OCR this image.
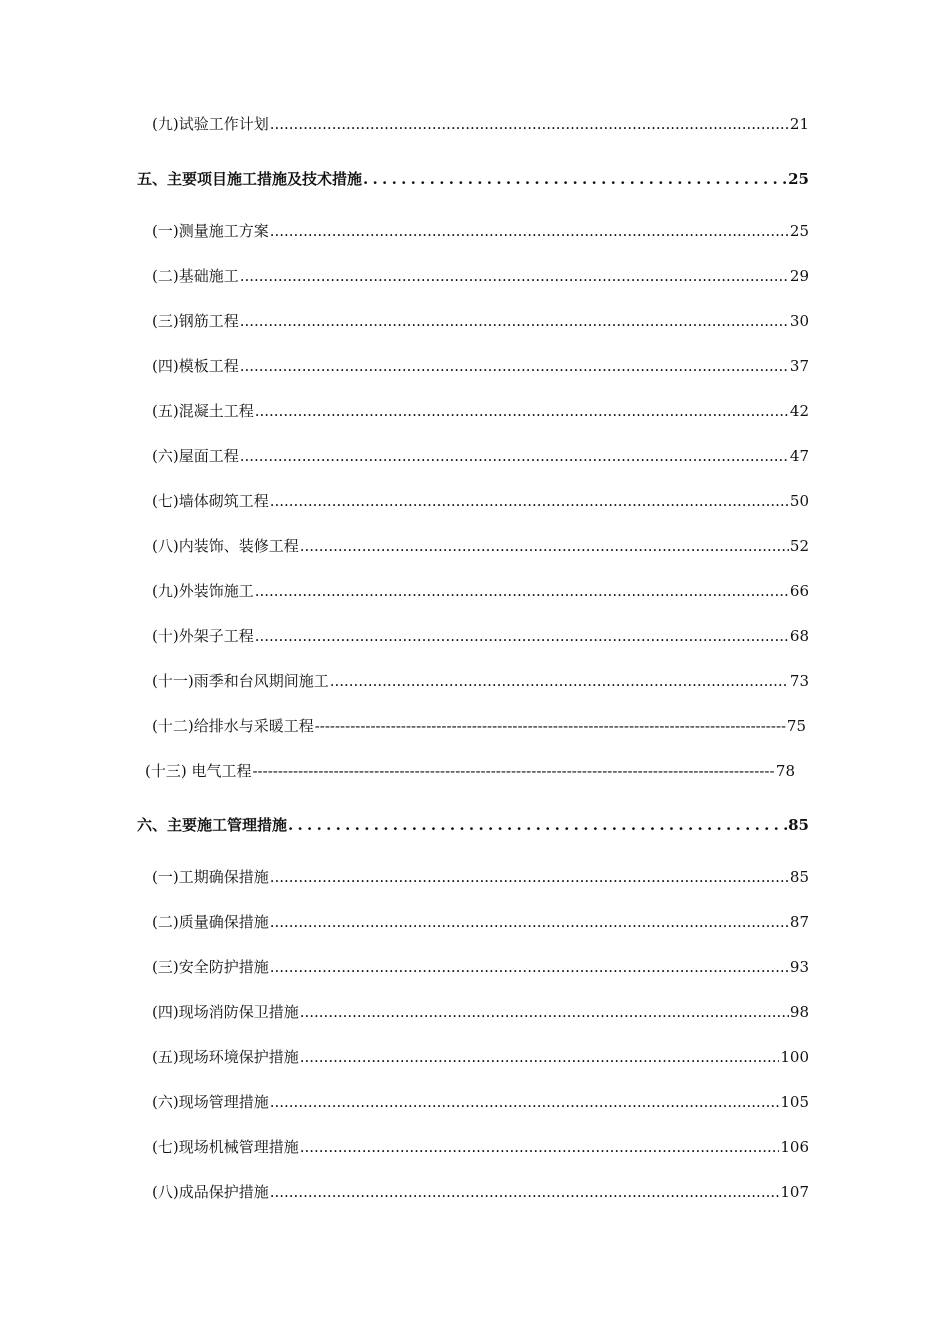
(九)试验工作计划 .....	21
五、主要项目施工措施及技术措施 .....	25
(一)测量施工方案 .....	25
(二)基础施工 .....	29
(三)钢筋工程 .....	30
(四)模板工程 .....	37
(五)混凝土工程 .....	42
(六)屋面工程 .....	47
(七)墙体砌筑工程 .....	50
(八)内装饰、装修工程 .....	52
(九)外装饰施工 .....	66
(十)外架子工程 .....	68
(十一)雨季和台风期间施工 .....	73
(十二)给排水与采暖工程 -----	75
(十三) 电气工程 -----	78
六、主要施工管理措施 .....	85
(一)工期确保措施 .....	85
(二)质量确保措施 .....	87
(三)安全防护措施 .....	93
(四)现场消防保卫措施 .....	98
(五)现场环境保护措施 .....	100
(六)现场管理措施 .....	105
(七)现场机械管理措施 .....	106
(八)成品保护措施 .....	107
